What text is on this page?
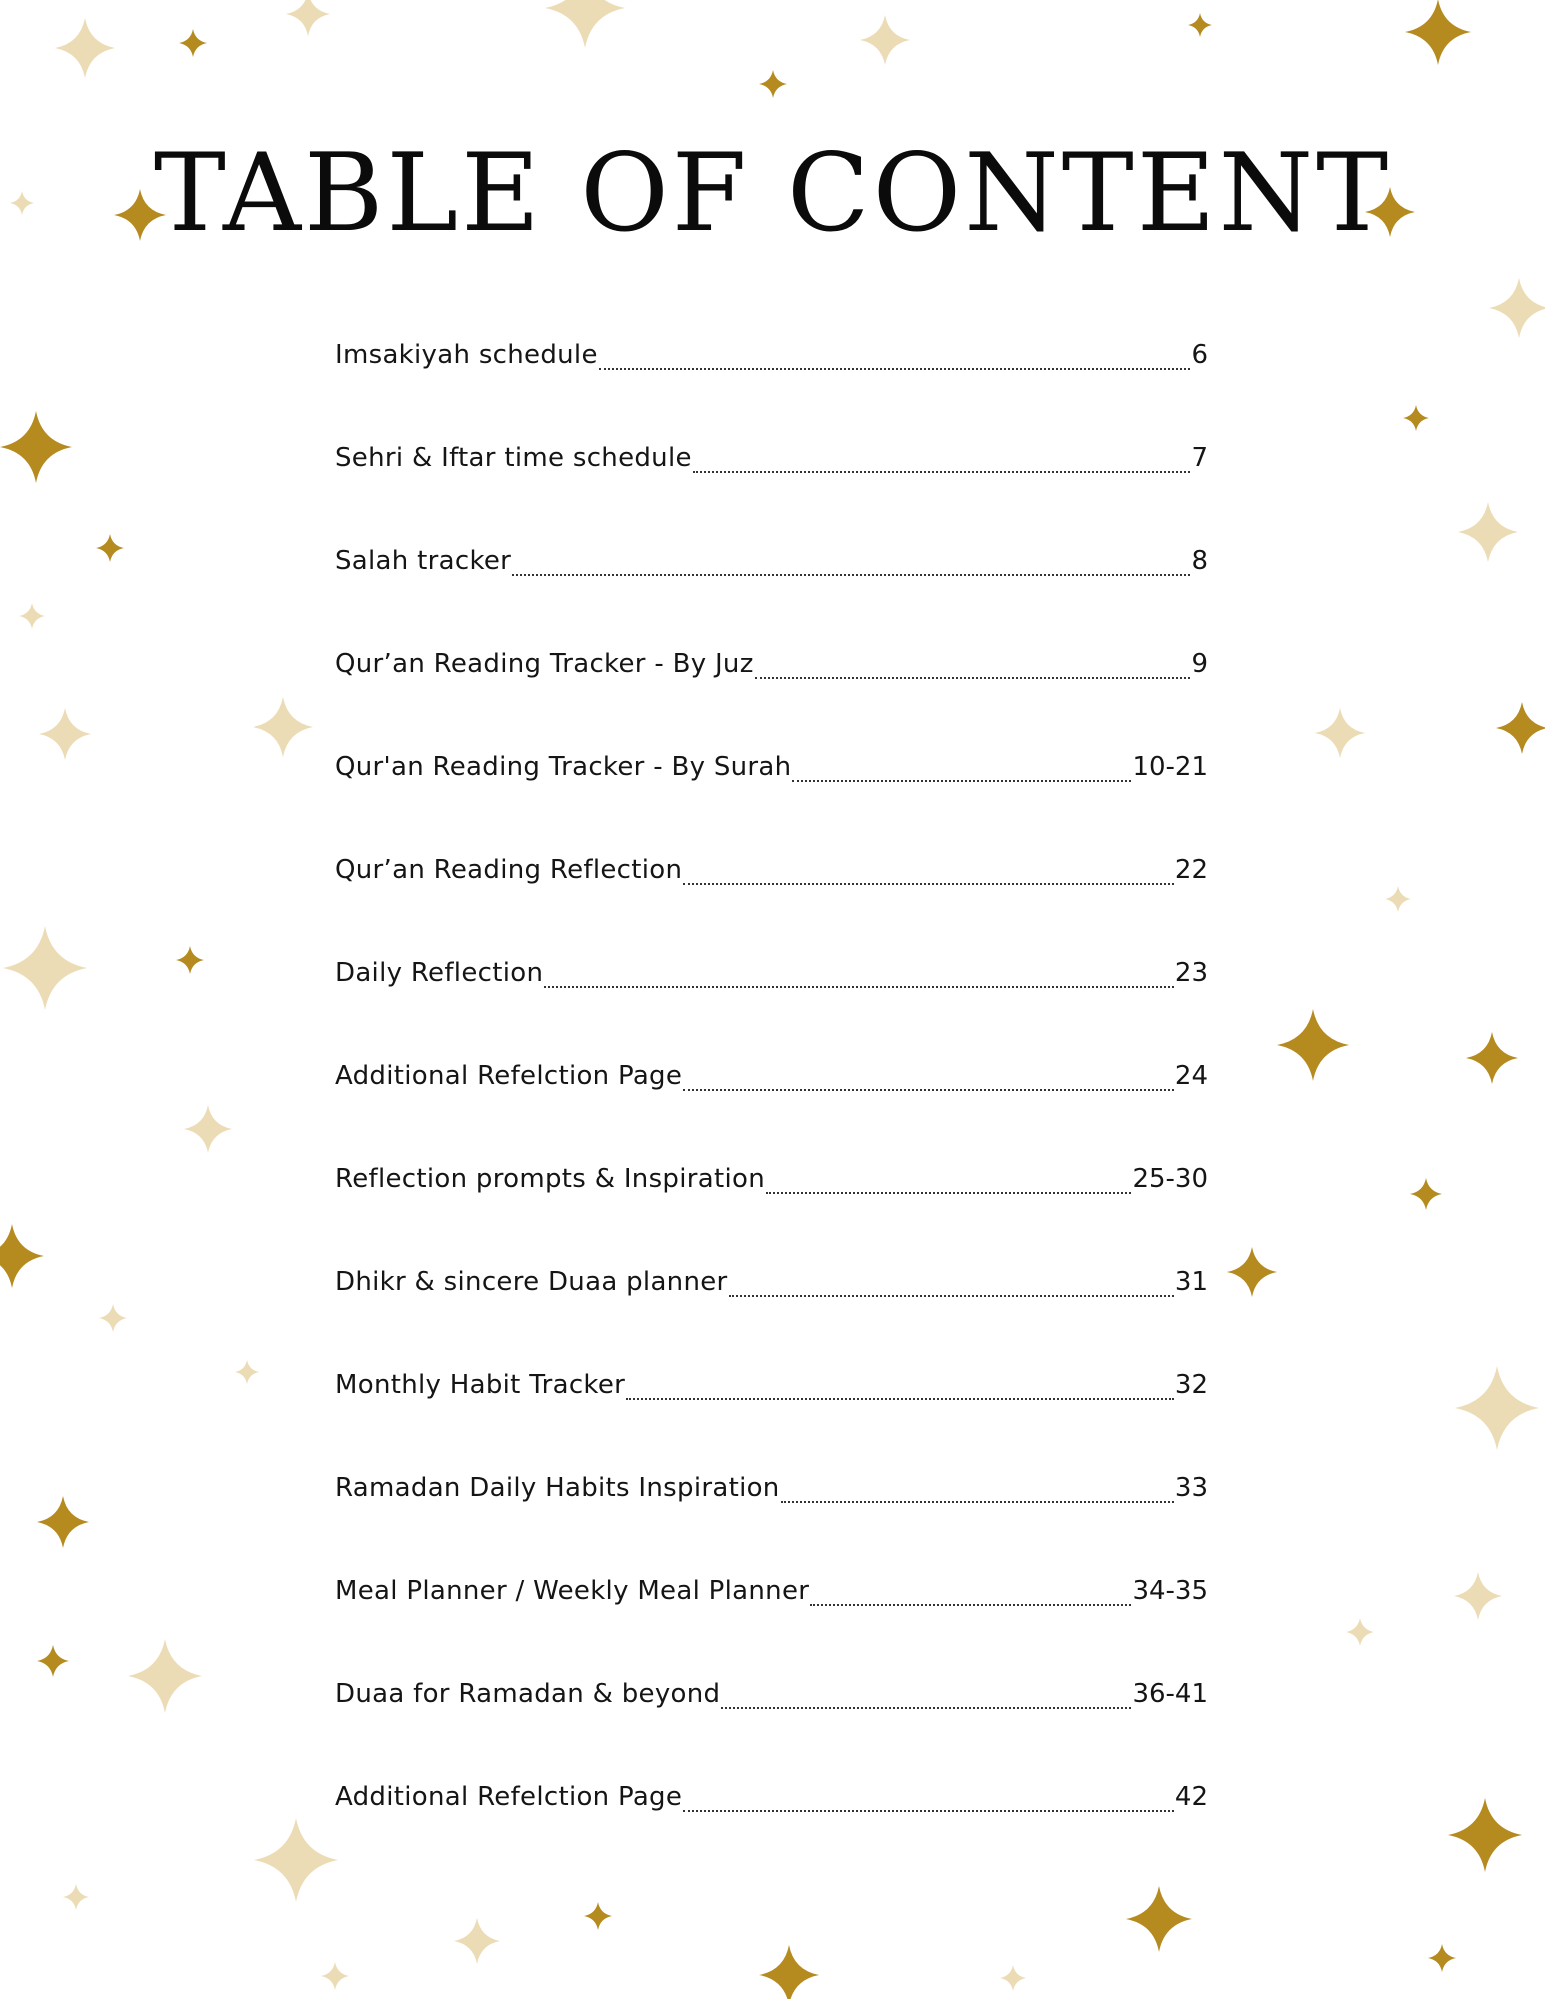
TABLE OF CONTENT
Imsakiyah schedule	6
Sehri & Iftar time schedule	7
Salah tracker	8
Qur’an Reading Tracker - By Juz	9
Qur'an Reading Tracker - By Surah	10-21
Qur’an Reading Reflection	22
Daily Reflection	23
Additional Refelction Page	24
Reflection prompts & Inspiration	25-30
Dhikr & sincere Duaa planner	31
Monthly Habit Tracker	32
Ramadan Daily Habits Inspiration	33
Meal Planner / Weekly Meal Planner	34-35
Duaa for Ramadan & beyond	36-41
Additional Refelction Page	42
